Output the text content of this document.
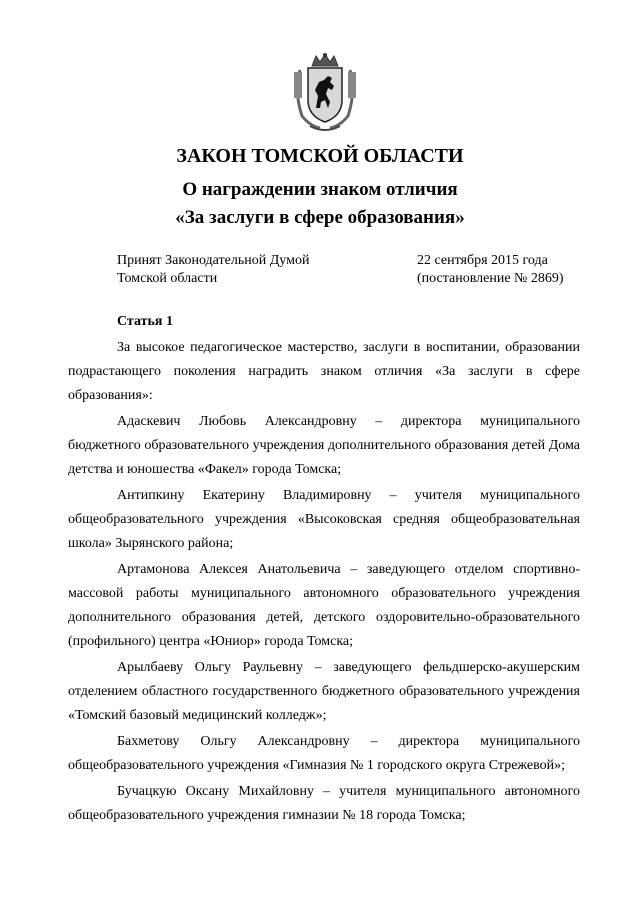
ЗАКОН ТОМСКОЙ ОБЛАСТИ
О награждении знаком отличия
«За заслуги в сфере образования»
Принят Законодательной Думой
Томской области
22 сентября 2015 года
(постановление № 2869)
Статья 1

За высокое педагогическое мастерство, заслуги в воспитании, образовании подрастающего поколения наградить знаком отличия «За заслуги в сфере образования»:

Адаскевич Любовь Александровну – директора муниципального бюджетного образовательного учреждения дополнительного образования детей Дома детства и юношества «Факел» города Томска;

Антипкину Екатерину Владимировну – учителя муниципального общеобразовательного учреждения «Высоковская средняя общеобразовательная школа» Зырянского района;

Артамонова Алексея Анатольевича – заведующего отделом спортивно-массовой работы муниципального автономного образовательного учреждения дополнительного образования детей, детского оздоровительно-образовательного (профильного) центра «Юниор» города Томска;

Арылбаеву Ольгу Раульевну – заведующего фельдшерско-акушерским отделением областного государственного бюджетного образовательного учреждения «Томский базовый медицинский колледж»;

Бахметову Ольгу Александровну – директора муниципального общеобразовательного учреждения «Гимназия № 1 городского округа Стрежевой»;

Бучацкую Оксану Михайловну – учителя муниципального автономного общеобразовательного учреждения гимназии № 18 города Томска;
